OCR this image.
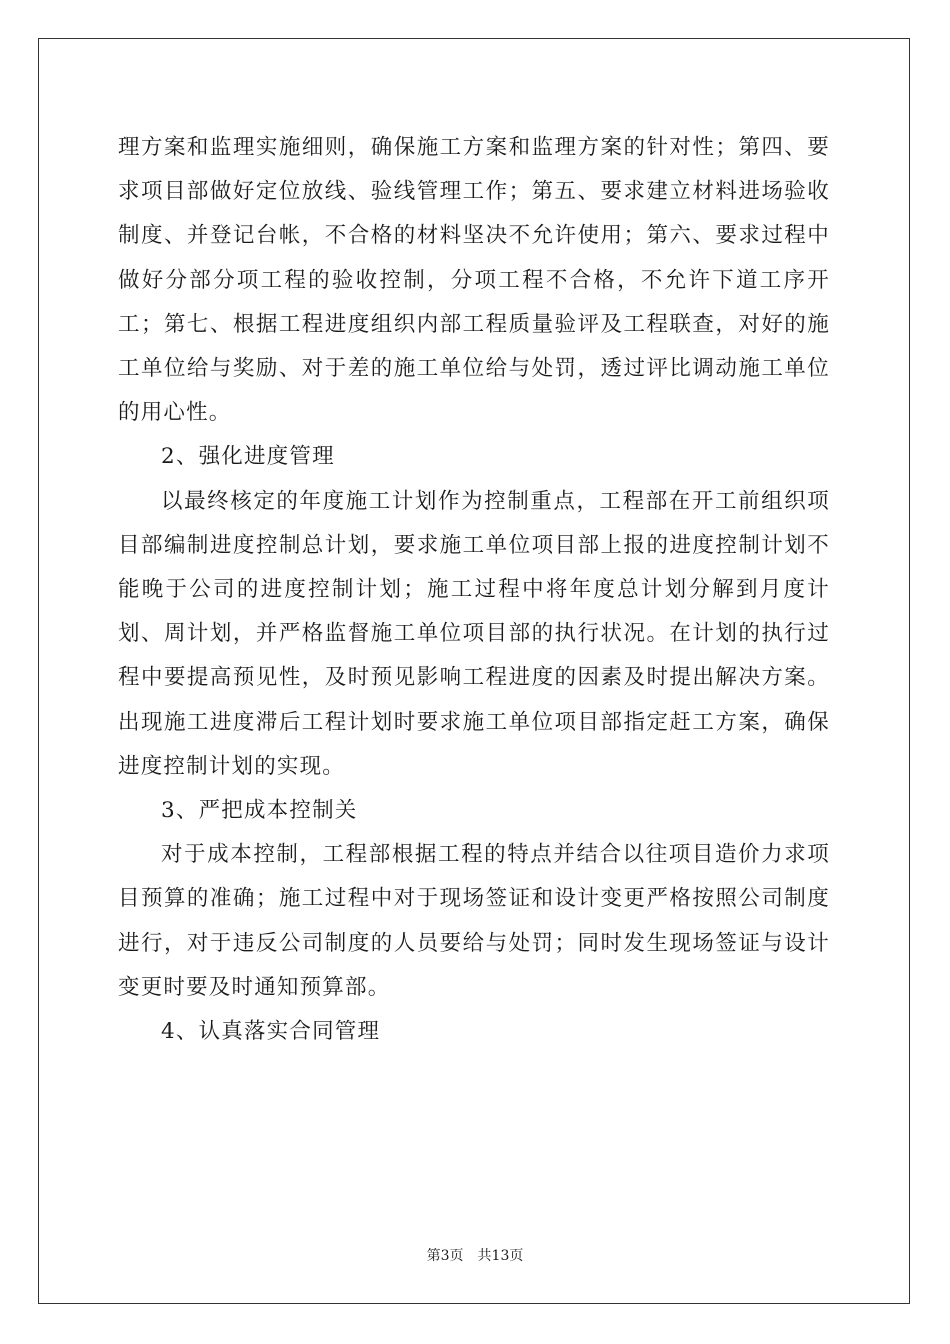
理方案和监理实施细则，确保施工方案和监理方案的针对性；第四、要求项目部做好定位放线、验线管理工作；第五、要求建立材料进场验收制度、并登记台帐，不合格的材料坚决不允许使用；第六、要求过程中做好分部分项工程的验收控制，分项工程不合格，不允许下道工序开工；第七、根据工程进度组织内部工程质量验评及工程联查，对好的施工单位给与奖励、对于差的施工单位给与处罚，透过评比调动施工单位的用心性。

2、强化进度管理

以最终核定的年度施工计划作为控制重点，工程部在开工前组织项目部编制进度控制总计划，要求施工单位项目部上报的进度控制计划不能晚于公司的进度控制计划；施工过程中将年度总计划分解到月度计划、周计划，并严格监督施工单位项目部的执行状况。在计划的执行过程中要提高预见性，及时预见影响工程进度的因素及时提出解决方案。出现施工进度滞后工程计划时要求施工单位项目部指定赶工方案，确保进度控制计划的实现。

3、严把成本控制关

对于成本控制，工程部根据工程的特点并结合以往项目造价力求项目预算的准确；施工过程中对于现场签证和设计变更严格按照公司制度进行，对于违反公司制度的人员要给与处罚；同时发生现场签证与设计变更时要及时通知预算部。

4、认真落实合同管理

第3页　共13页
